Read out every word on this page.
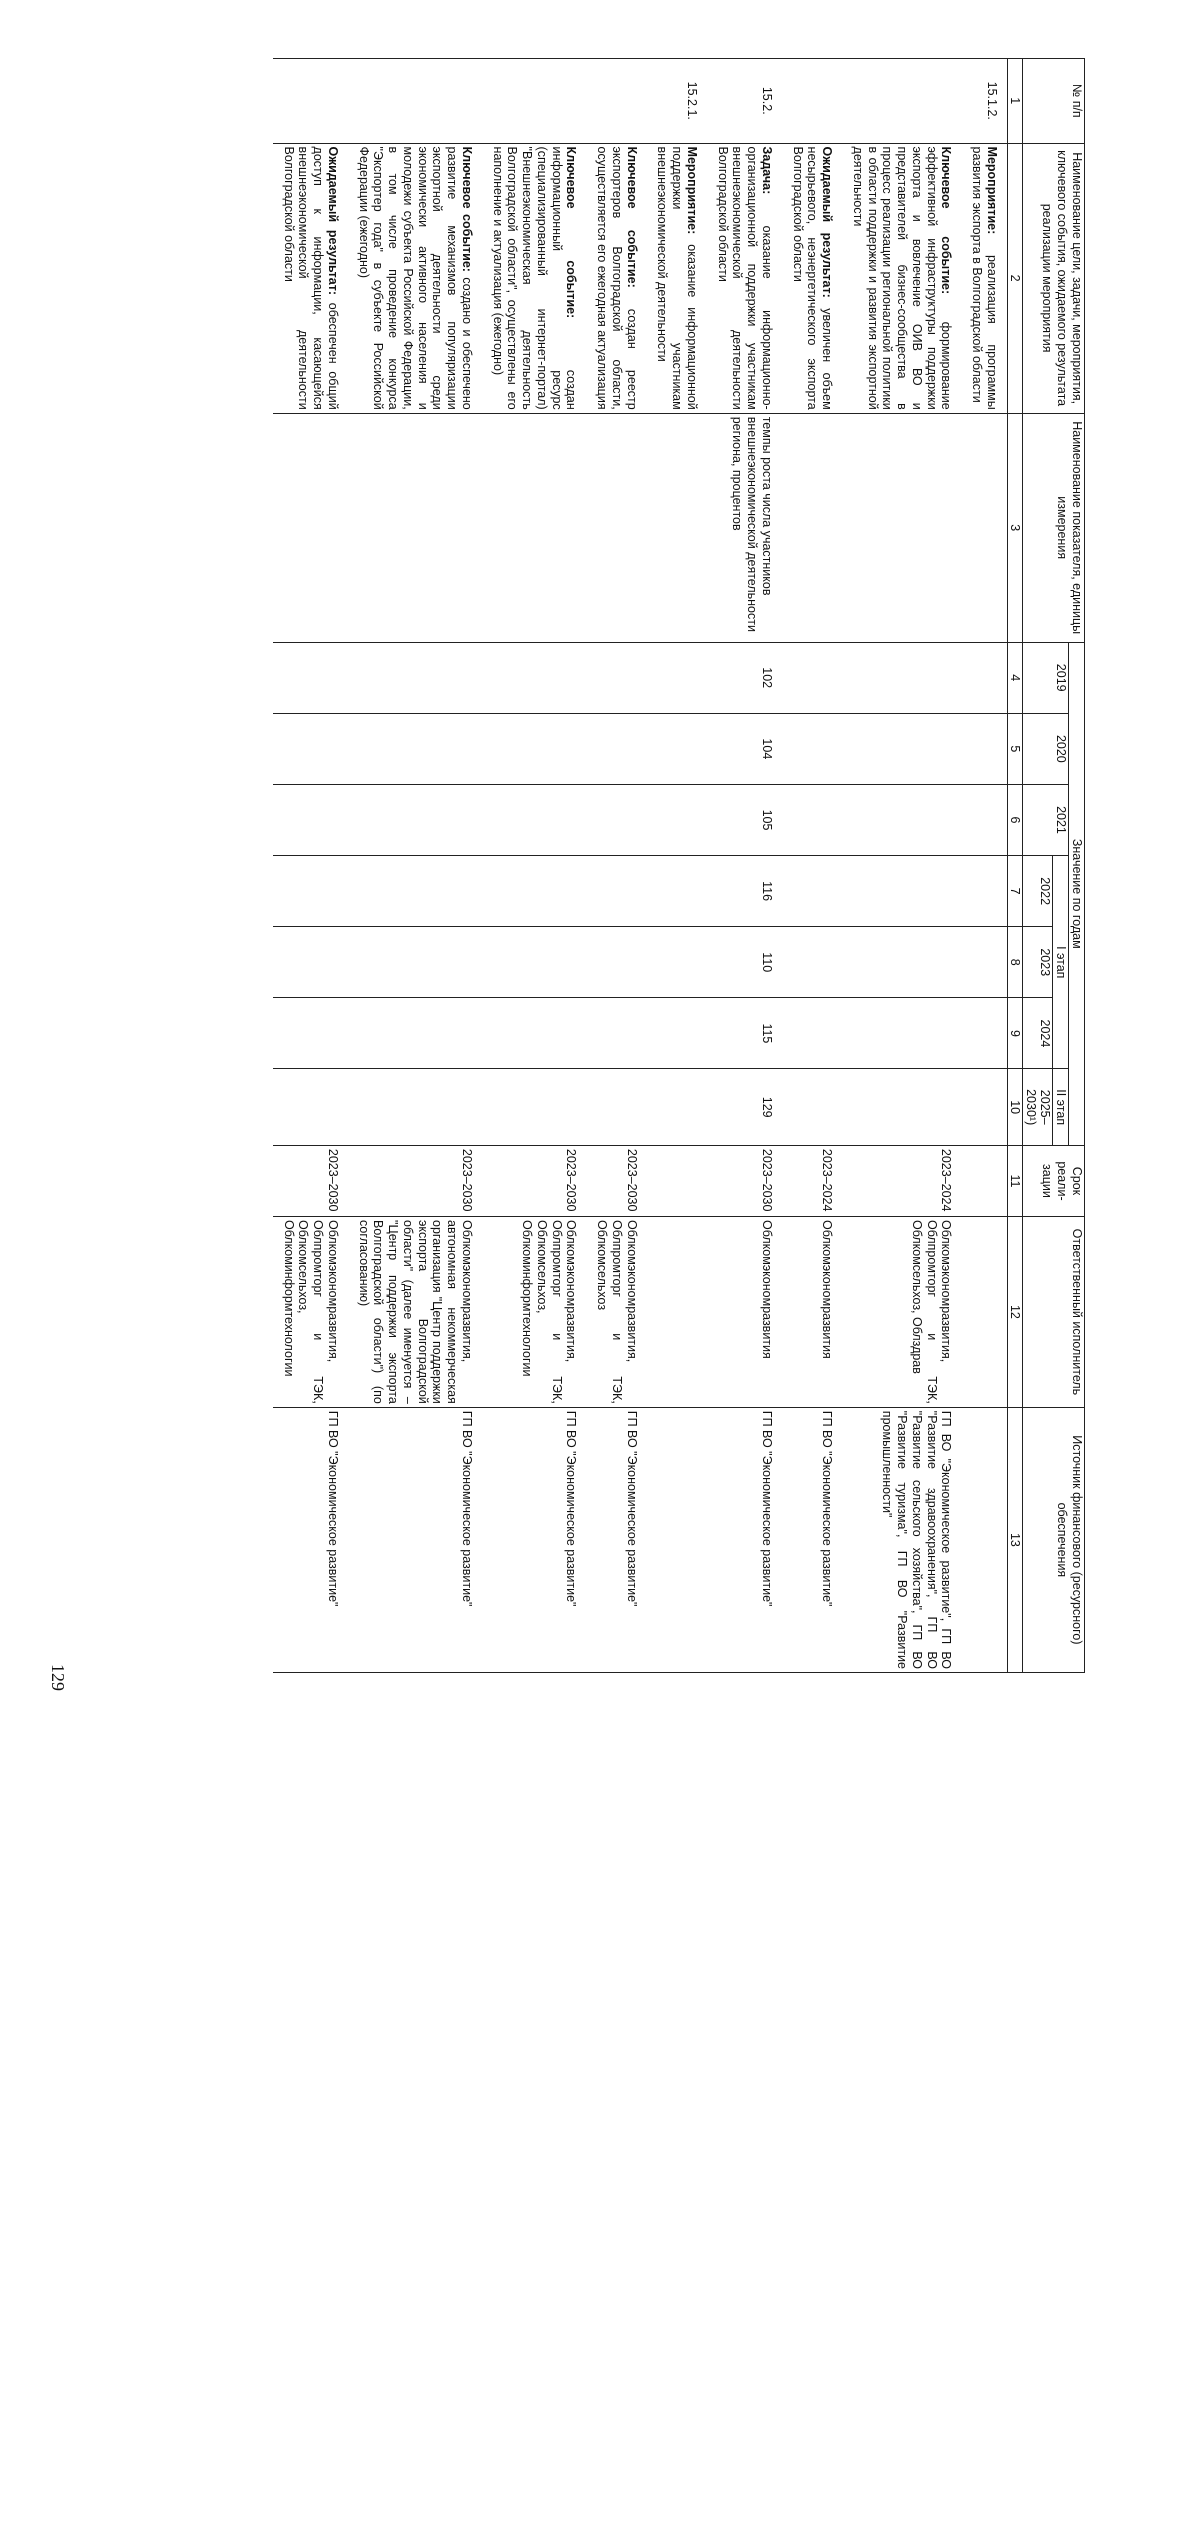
129
№ п/п	Наименование цели, задачи, мероприятия, ключевого события, ожидаемого результата реализации мероприятия	Наименование показателя, единицы измерения	Значение по годам							Срок реали-зации	Ответственный исполнитель	Источник финансового (ресурсного) обеспечения
			2019	2020	2021	I этап			II этап			
						2022	2023	2024	2025–2030¹)			
1	2	3	4	5	6	7	8	9	10	11	12	13
15.1.2.	Мероприятие: реализация программы развития экспорта в Волгоградской области											
	Ключевое событие: формирование эффективной инфраструктуры поддержки экспорта и вовлечение ОИВ ВО и представителей бизнес-сообщества в процесс реализации региональной политики в области поддержки и развития экспортной деятельности									2023–2024	Облкомэкономразвития, Облпромторг и ТЭК, Облкомсельхоз, Облздрав	ГП ВО "Экономическое развитие", ГП ВО "Развитие здравоохранения", ГП ВО "Развитие сельского хозяйства", ГП ВО "Развитие туризма", ГП ВО "Развитие промышленности"
	Ожидаемый результат: увеличен объем несырьевого, неэнергетического экспорта Волгоградской области									2023–2024	Облкомэкономразвития	ГП ВО "Экономическое развитие"
15.2.	Задача: оказание информационно-организационной поддержки участникам внешнеэкономической деятельности Волгоградской области	темпы роста числа участников внешнеэкономической деятельности региона, процентов	102	104	105	116	110	115	129	2023–2030	Облкомэкономразвития	ГП ВО "Экономическое развитие"
15.2.1.	Мероприятие: оказание информационной поддержки участникам внешнеэкономической деятельности											
	Ключевое событие: создан реестр экспортеров Волгоградской области, осуществляется его ежегодная актуализация									2023–2030	Облкомэкономразвития, Облпромторг и ТЭК, Облкомсельхоз	ГП ВО "Экономическое развитие"
	Ключевое событие: создан информационный ресурс (специализированный интернет-портал) "Внешнеэкономическая деятельность Волгоградской области", осуществлены его наполнение и актуализация (ежегодно)									2023–2030	Облкомэкономразвития, Облпромторг и ТЭК, Облкомсельхоз, Облкоминформтехнологии	ГП ВО "Экономическое развитие"
	Ключевое событие: создано и обеспечено развитие механизмов популяризации экспортной деятельности среди экономически активного населения и молодежи субъекта Российской Федерации, в том числе проведение конкурса "Экспортер года" в субъекте Российской Федерации (ежегодно)									2023–2030	Облкомэкономразвития, автономная некоммерческая организация "Центр поддержки экспорта Волгоградской области" (далее именуется – "Центр поддержки экспорта Волгоградской области") (по согласованию)	ГП ВО "Экономическое развитие"
	Ожидаемый результат: обеспечен общий доступ к информации, касающейся внешнеэкономической деятельности Волгоградской области									2023–2030	Облкомэкономразвития, Облпромторг и ТЭК, Облкомсельхоз, Облкоминформтехнологии	ГП ВО "Экономическое развитие"
